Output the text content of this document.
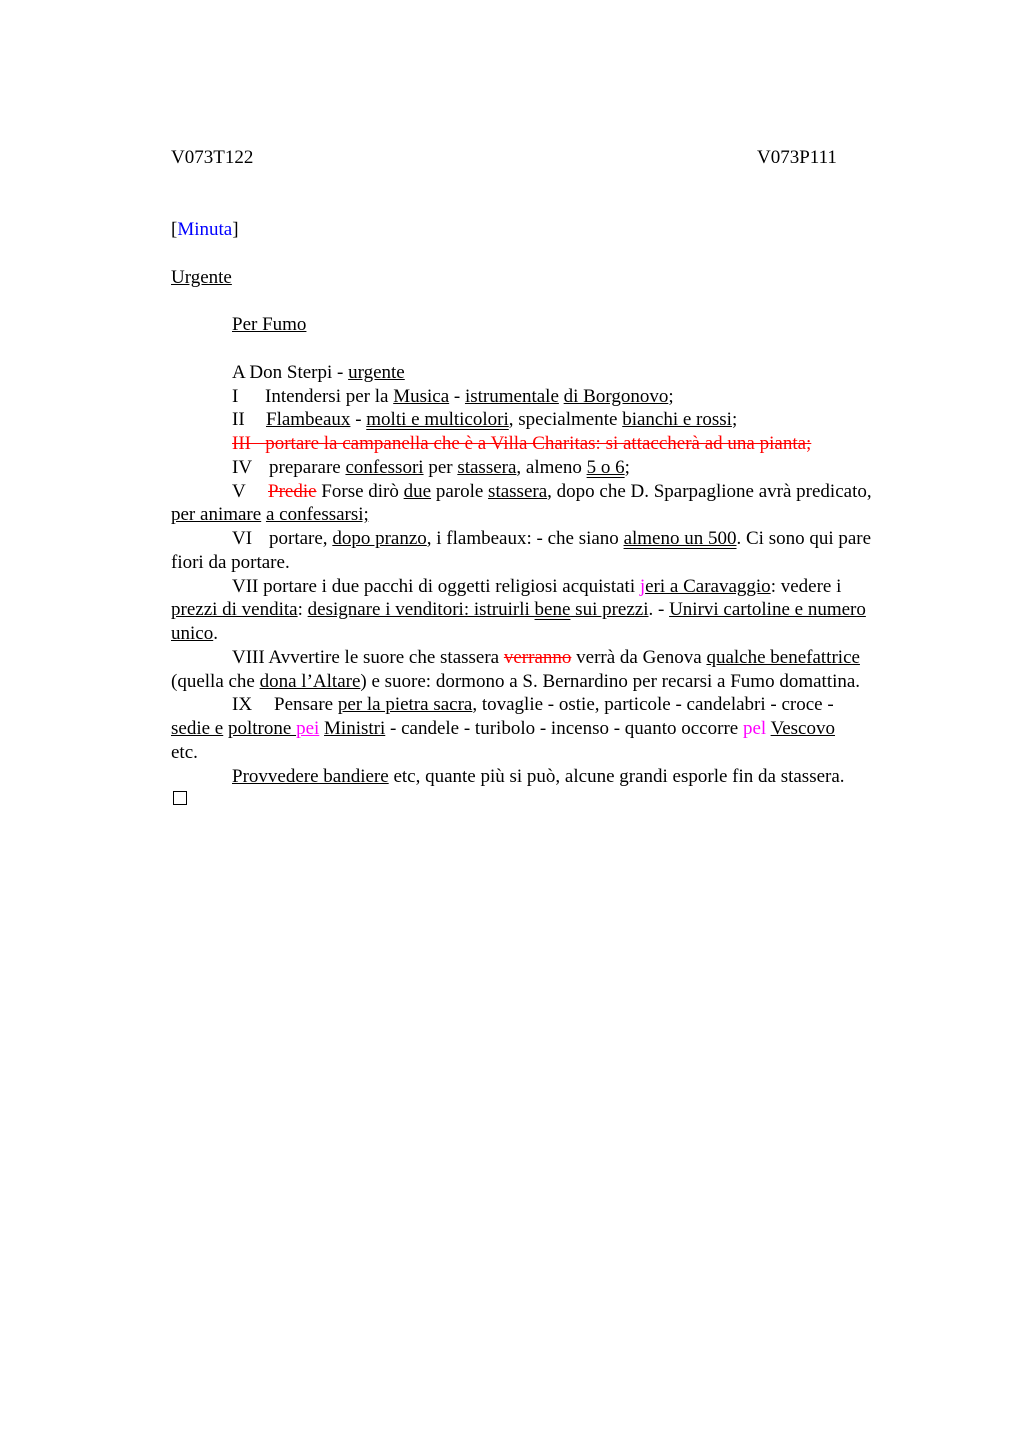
V073T122	V073P111
[Minuta]
Urgente
Per Fumo
A Don Sterpi - urgente
I Intendersi per la Musica - istrumentale di Borgonovo;
II Flambeaux - molti e multicolori, specialmente bianchi e rossi;
III   portare la campanella che è a Villa Charitas: si attaccherà ad una pianta;
IV preparare confessori per stassera, almeno 5 o 6;
V Predie Forse dirò due parole stassera, dopo che D. Sparpaglione avrà predicato,
per animare a confessarsi;
VI portare, dopo pranzo, i flambeaux: - che siano almeno un 500. Ci sono qui pare
fiori da portare.
VII portare i due pacchi di oggetti religiosi acquistati jeri a Caravaggio: vedere i
prezzi di vendita: designare i venditori: istruirli bene sui prezzi. - Unirvi cartoline e numero
unico.
VIII Avvertire le suore che stassera verranno verrà da Genova qualche benefattrice
(quella che dona l’Altare) e suore: dormono a S. Bernardino per recarsi a Fumo domattina.
IX Pensare per la pietra sacra, tovaglie - ostie, particole - candelabri - croce -
sedie e poltrone pei Ministri - candele - turibolo - incenso - quanto occorre pel Vescovo
etc.
Provvedere bandiere etc, quante più si può, alcune grandi esporle fin da stassera.
